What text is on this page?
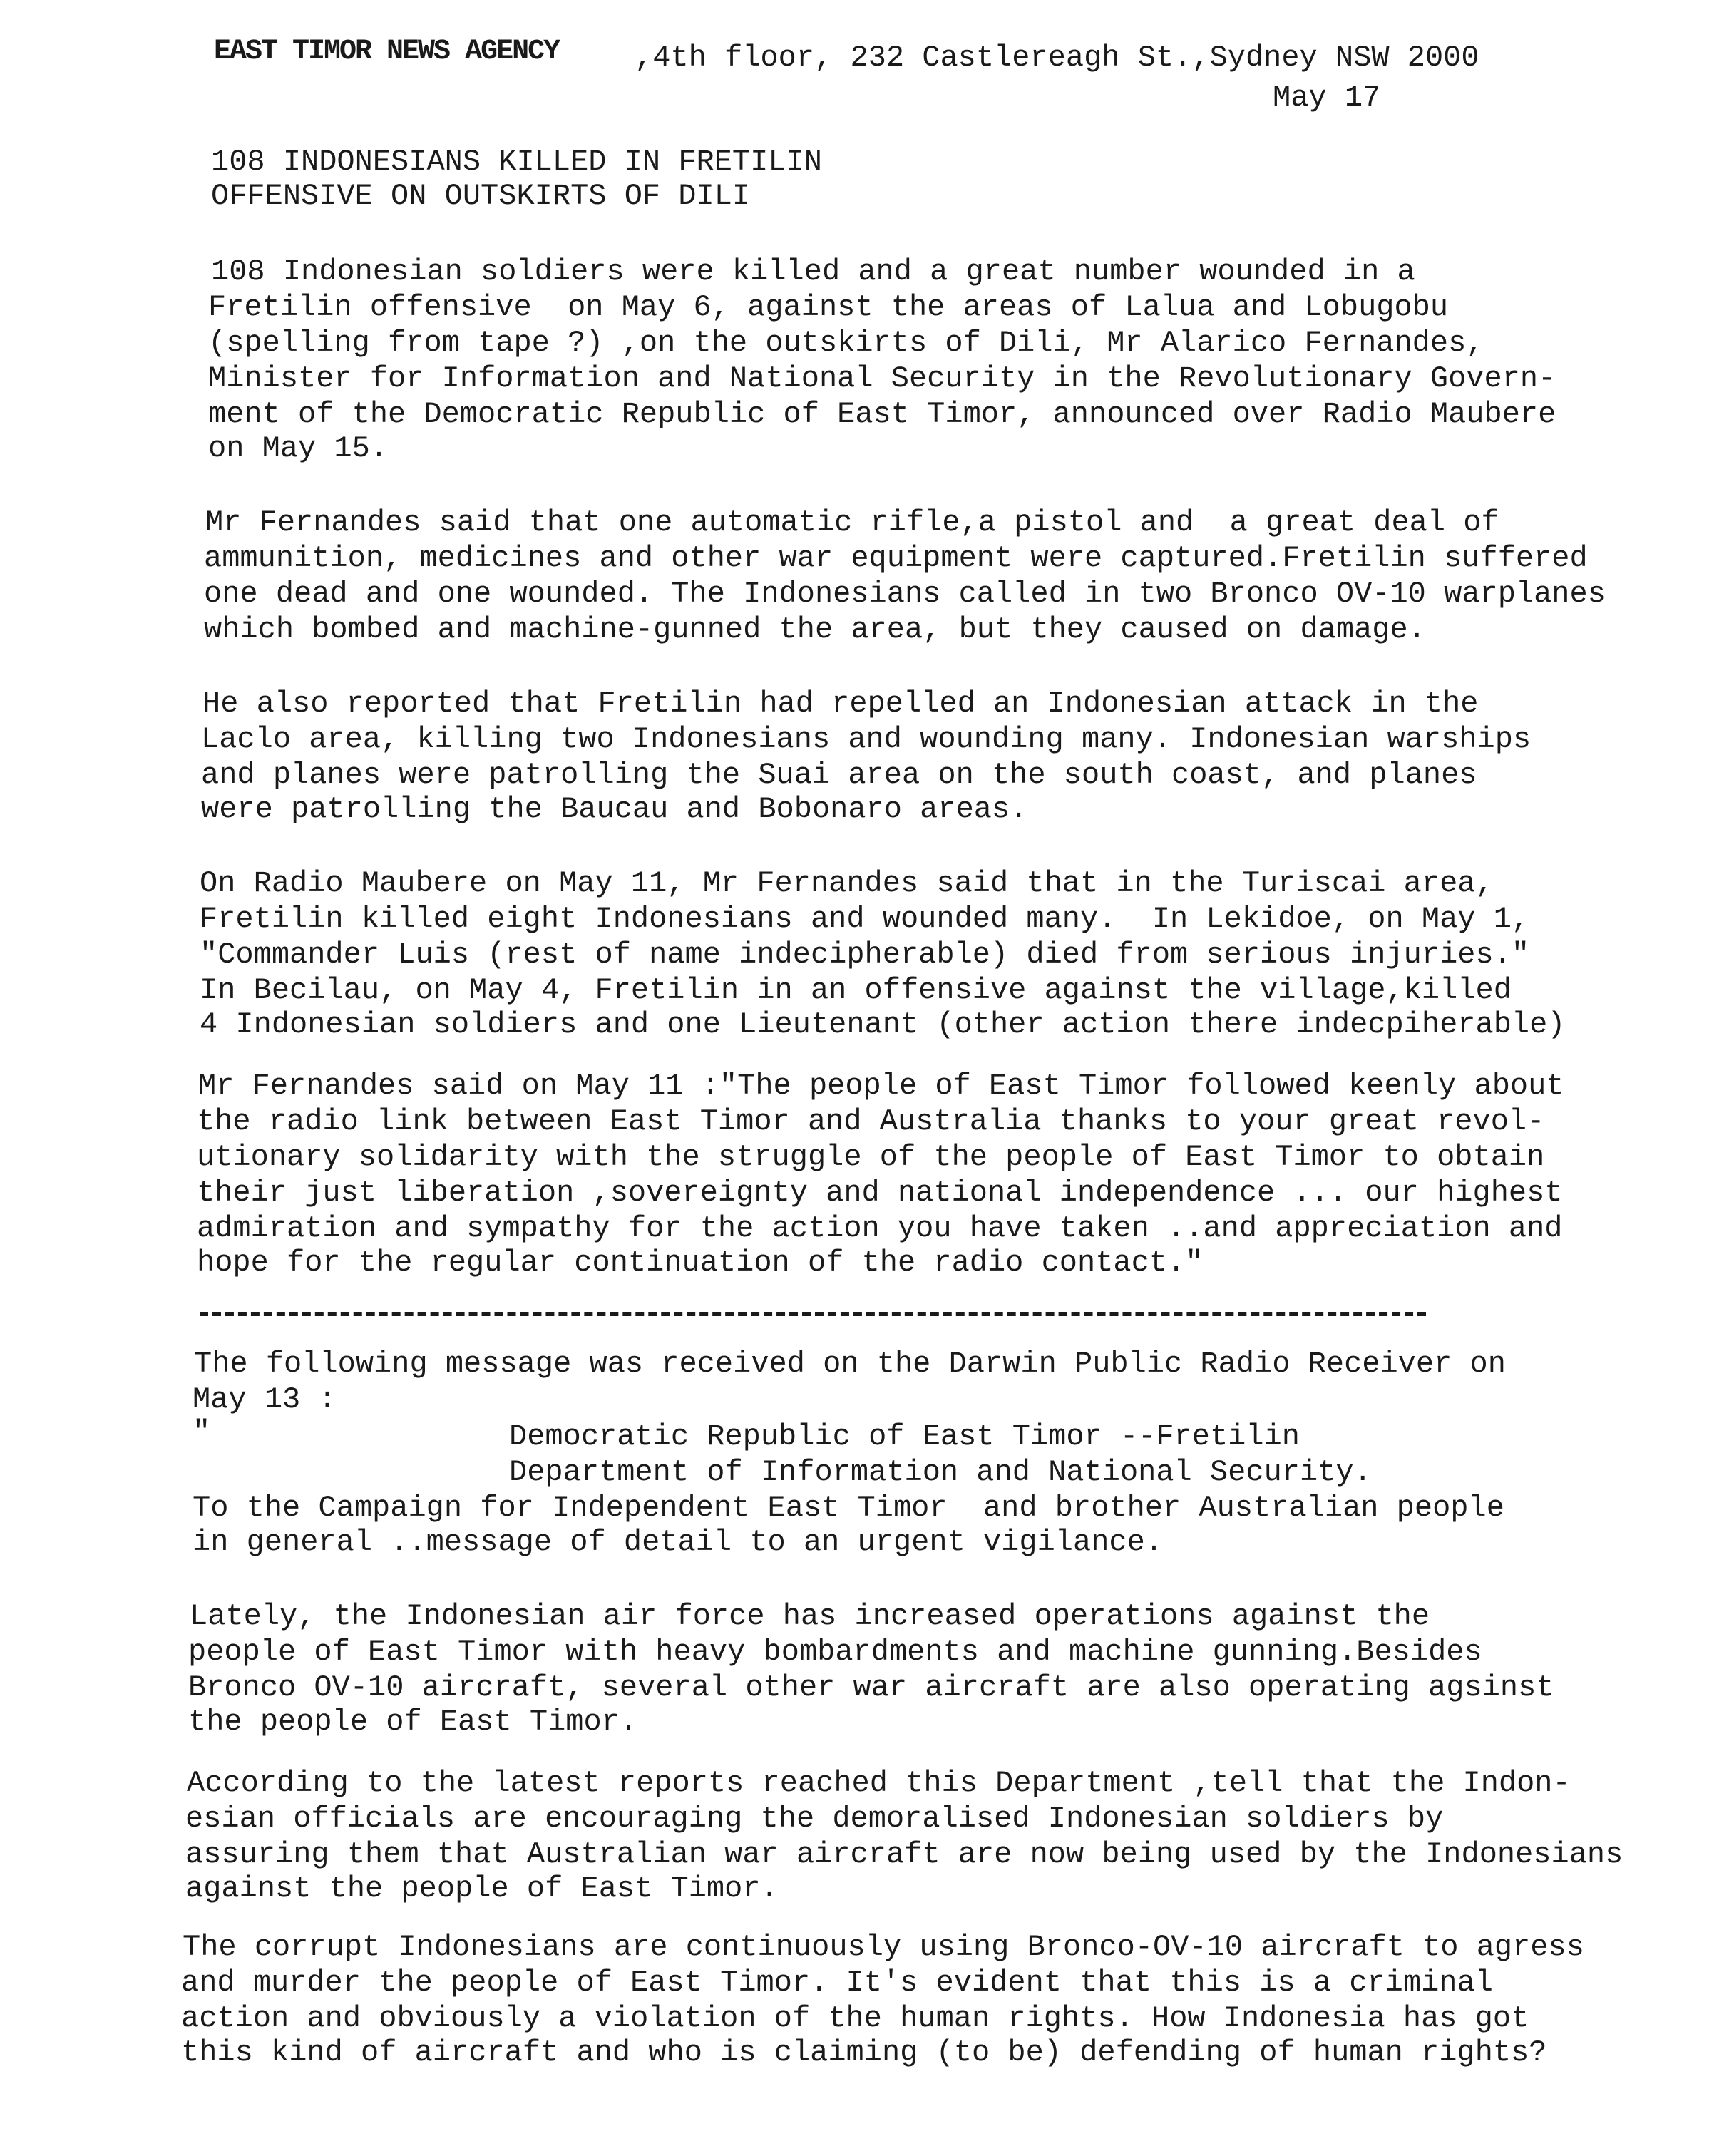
EAST TIMOR NEWS AGENCY	,4th floor, 232 Castlereagh St.,Sydney NSW 2000
May 17
108 INDONESIANS KILLED IN FRETILIN
OFFENSIVE ON OUTSKIRTS OF DILI
108 Indonesian soldiers were killed and a great number wounded in a
Fretilin offensive  on May 6, against the areas of Lalua and Lobugobu
(spelling from tape ?) ,on the outskirts of Dili, Mr Alarico Fernandes,
Minister for Information and National Security in the Revolutionary Govern-
ment of the Democratic Republic of East Timor, announced over Radio Maubere
on May 15.
Mr Fernandes said that one automatic rifle,a pistol and  a great deal of
ammunition, medicines and other war equipment were captured.Fretilin suffered
one dead and one wounded. The Indonesians called in two Bronco OV-10 warplanes
which bombed and machine-gunned the area, but they caused on damage.
He also reported that Fretilin had repelled an Indonesian attack in the
Laclo area, killing two Indonesians and wounding many. Indonesian warships
and planes were patrolling the Suai area on the south coast, and planes
were patrolling the Baucau and Bobonaro areas.
On Radio Maubere on May 11, Mr Fernandes said that in the Turiscai area,
Fretilin killed eight Indonesians and wounded many.  In Lekidoe, on May 1,
"Commander Luis (rest of name indecipherable) died from serious injuries."
In Becilau, on May 4, Fretilin in an offensive against the village,killed
4 Indonesian soldiers and one Lieutenant (other action there indecpiherable)
Mr Fernandes said on May 11 :"The people of East Timor followed keenly about
the radio link between East Timor and Australia thanks to your great revol-
utionary solidarity with the struggle of the people of East Timor to obtain
their just liberation ,sovereignty and national independence ... our highest
admiration and sympathy for the action you have taken ..and appreciation and
hope for the regular continuation of the radio contact."
The following message was received on the Darwin Public Radio Receiver on
May 13 :
"	Democratic Republic of East Timor --Fretilin
Department of Information and National Security.
To the Campaign for Independent East Timor  and brother Australian people
in general ..message of detail to an urgent vigilance.
Lately, the Indonesian air force has increased operations against the
people of East Timor with heavy bombardments and machine gunning.Besides
Bronco OV-10 aircraft, several other war aircraft are also operating agsinst
the people of East Timor.
According to the latest reports reached this Department ,tell that the Indon-
esian officials are encouraging the demoralised Indonesian soldiers by
assuring them that Australian war aircraft are now being used by the Indonesians
against the people of East Timor.
The corrupt Indonesians are continuously using Bronco-OV-10 aircraft to agress
and murder the people of East Timor. It's evident that this is a criminal
action and obviously a violation of the human rights. How Indonesia has got
this kind of aircraft and who is claiming (to be) defending of human rights?
